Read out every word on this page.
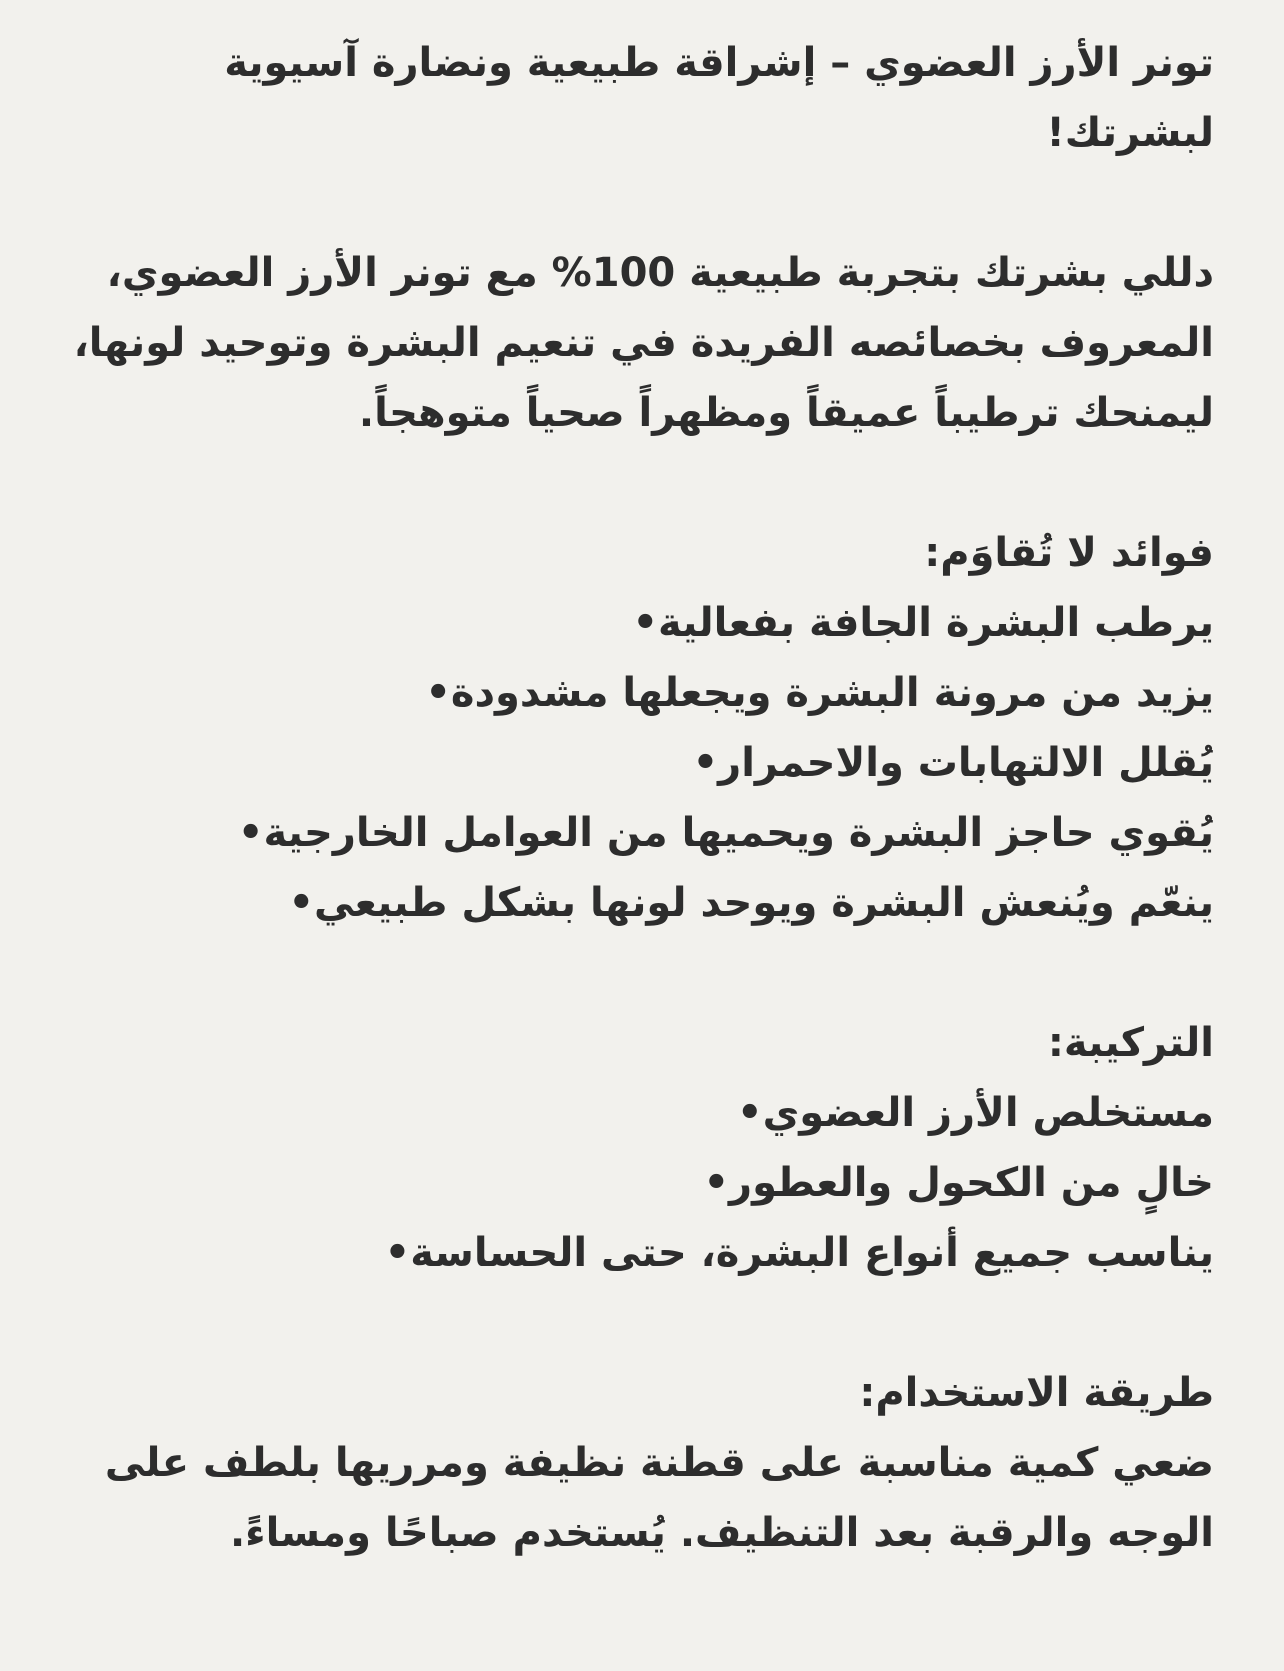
تونر الأرز العضوي – إشراقة طبيعية ونضارة آسيوية لبشرتك!

دللي بشرتك بتجربة طبيعية 100% مع تونر الأرز العضوي، المعروف بخصائصه الفريدة في تنعيم البشرة وتوحيد لونها، ليمنحك ترطيباً عميقاً ومظهراً صحياً متوهجاً.

فوائد لا تُقاوَم:
يرطب البشرة الجافة بفعالية•
يزيد من مرونة البشرة ويجعلها مشدودة•
يُقلل الالتهابات والاحمرار•
يُقوي حاجز البشرة ويحميها من العوامل الخارجية•
ينعّم ويُنعش البشرة ويوحد لونها بشكل طبيعي•
التركيبة:
مستخلص الأرز العضوي•
خالٍ من الكحول والعطور•
يناسب جميع أنواع البشرة، حتى الحساسة•
طريقة الاستخدام:
ضعي كمية مناسبة على قطنة نظيفة ومرريها بلطف على الوجه والرقبة بعد التنظيف. يُستخدم صباحًا ومساءً.
